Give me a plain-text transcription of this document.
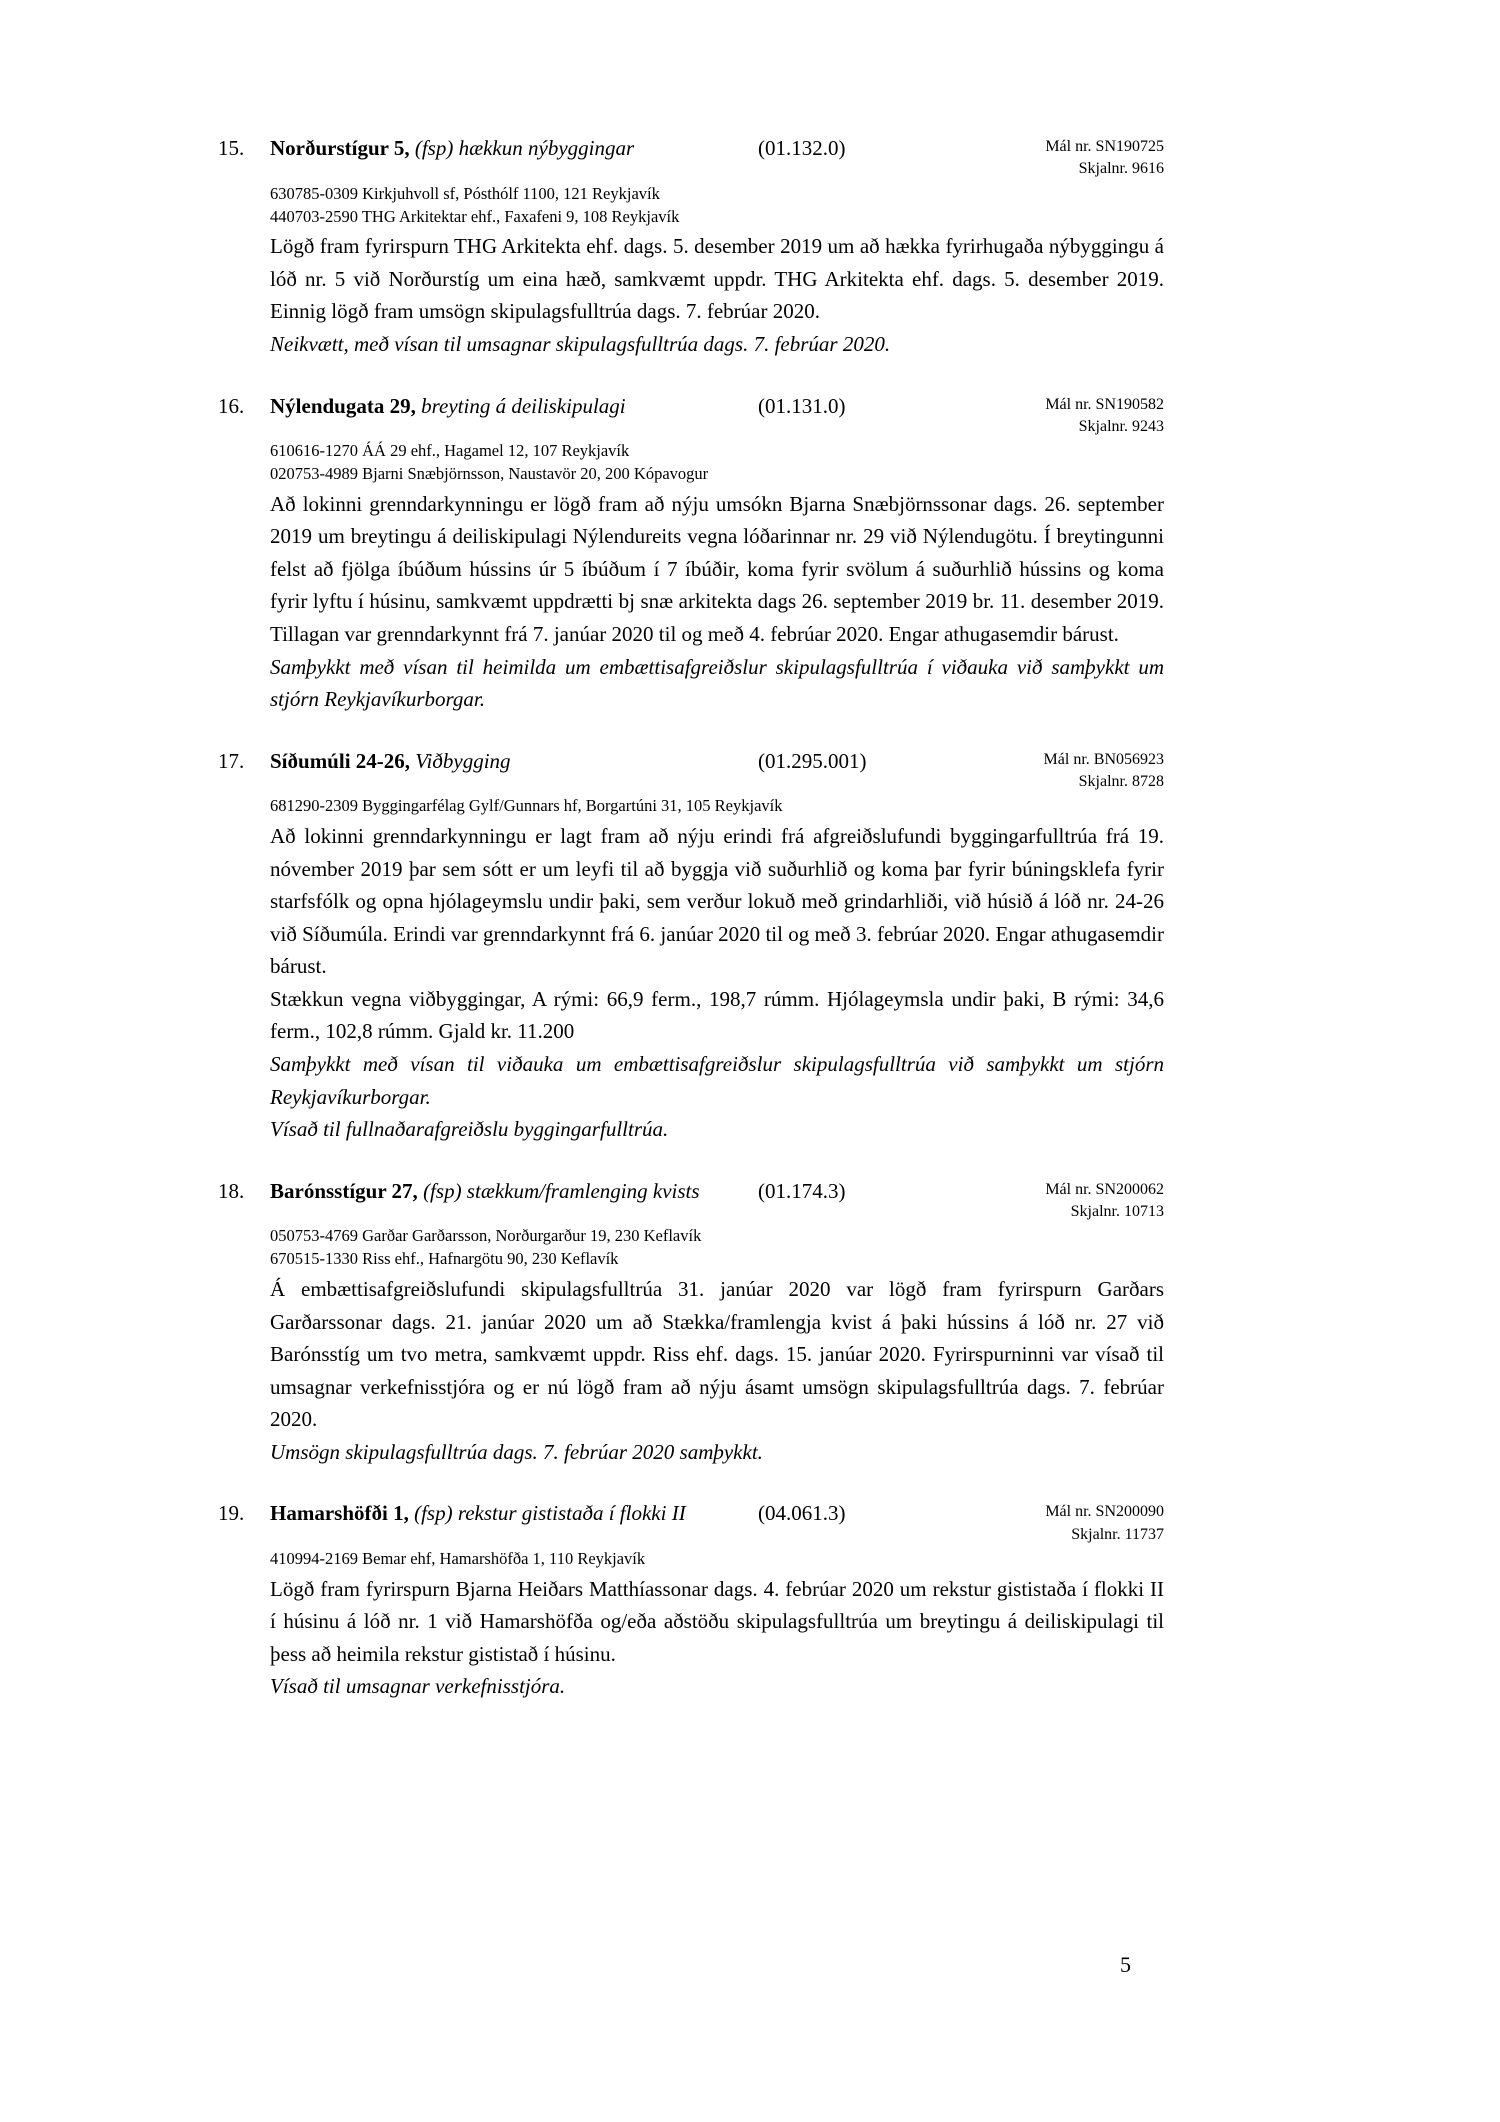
15.	Norðurstígur 5, (fsp) hækkun nýbyggingar	(01.132.0)	Mál nr. SN190725
Skjalnr. 9616
630785-0309 Kirkjuhvoll sf, Pósthólf 1100, 121 Reykjavík
440703-2590 THG Arkitektar ehf., Faxafeni 9, 108 Reykjavík
Lögð fram fyrirspurn THG Arkitekta ehf. dags. 5. desember 2019 um að hækka fyrirhugaða nýbyggingu á lóð nr. 5 við Norðurstíg um eina hæð, samkvæmt uppdr. THG Arkitekta ehf. dags. 5. desember 2019. Einnig lögð fram umsögn skipulagsfulltrúa dags. 7. febrúar 2020.
Neikvætt, með vísan til umsagnar skipulagsfulltrúa dags. 7. febrúar 2020.
16.	Nýlendugata 29, breyting á deiliskipulagi	(01.131.0)	Mál nr. SN190582
Skjalnr. 9243
610616-1270 ÁÁ 29 ehf., Hagamel 12, 107 Reykjavík
020753-4989 Bjarni Snæbjörnsson, Naustavör 20, 200 Kópavogur
Að lokinni grenndarkynningu er lögð fram að nýju umsókn Bjarna Snæbjörnssonar dags. 26. september 2019 um breytingu á deiliskipulagi Nýlendureits vegna lóðarinnar nr. 29 við Nýlendugötu. Í breytingunni felst að fjölga íbúðum hússins úr 5 íbúðum í 7 íbúðir, koma fyrir svölum á suðurhlið hússins og koma fyrir lyftu í húsinu, samkvæmt uppdrætti bj snæ arkitekta dags 26. september 2019 br. 11. desember 2019. Tillagan var grenndarkynnt frá 7. janúar 2020 til og með 4. febrúar 2020. Engar athugasemdir bárust.
Samþykkt með vísan til heimilda um embættisafgreiðslur skipulagsfulltrúa í viðauka við samþykkt um stjórn Reykjavíkurborgar.
17.	Síðumúli 24-26, Viðbygging	(01.295.001)	Mál nr. BN056923
Skjalnr. 8728
681290-2309 Byggingarfélag Gylf/Gunnars hf, Borgartúni 31, 105 Reykjavík
Að lokinni grenndarkynningu er lagt fram að nýju erindi frá afgreiðslufundi byggingarfulltrúa frá 19. nóvember 2019 þar sem sótt er um leyfi til að byggja við suðurhlið og koma þar fyrir búningsklefa fyrir starfsfólk og opna hjólageymslu undir þaki, sem verður lokuð með grindarhliði, við húsið á lóð nr. 24-26 við Síðumúla. Erindi var grenndarkynnt frá 6. janúar 2020 til og með 3. febrúar 2020. Engar athugasemdir bárust.
Stækkun vegna viðbyggingar, A rými: 66,9 ferm., 198,7 rúmm. Hjólageymsla undir þaki, B rými: 34,6 ferm., 102,8 rúmm. Gjald kr. 11.200
Samþykkt með vísan til viðauka um embættisafgreiðslur skipulagsfulltrúa við samþykkt um stjórn Reykjavíkurborgar.
Vísað til fullnaðarafgreiðslu byggingarfulltrúa.
18.	Barónsstígur 27, (fsp) stækkum/framlenging kvists	(01.174.3)	Mál nr. SN200062
Skjalnr. 10713
050753-4769 Garðar Garðarsson, Norðurgarður 19, 230 Keflavík
670515-1330 Riss ehf., Hafnargötu 90, 230 Keflavík
Á embættisafgreiðslufundi skipulagsfulltrúa 31. janúar 2020 var lögð fram fyrirspurn Garðars Garðarssonar dags. 21. janúar 2020 um að Stækka/framlengja kvist á þaki hússins á lóð nr. 27 við Barónsstíg um tvo metra, samkvæmt uppdr. Riss ehf. dags. 15. janúar 2020. Fyrirspurninni var vísað til umsagnar verkefnisstjóra og er nú lögð fram að nýju ásamt umsögn skipulagsfulltrúa dags. 7. febrúar 2020.
Umsögn skipulagsfulltrúa dags. 7. febrúar 2020 samþykkt.
19.	Hamarshöfði 1, (fsp) rekstur gististaða í flokki II	(04.061.3)	Mál nr. SN200090
Skjalnr. 11737
410994-2169 Bemar ehf, Hamarshöfða 1, 110 Reykjavík
Lögð fram fyrirspurn Bjarna Heiðars Matthíassonar dags. 4. febrúar 2020 um rekstur gististaða í flokki II í húsinu á lóð nr. 1 við Hamarshöfða og/eða aðstöðu skipulagsfulltrúa um breytingu á deiliskipulagi til þess að heimila rekstur gististað í húsinu.
Vísað til umsagnar verkefnisstjóra.
5
